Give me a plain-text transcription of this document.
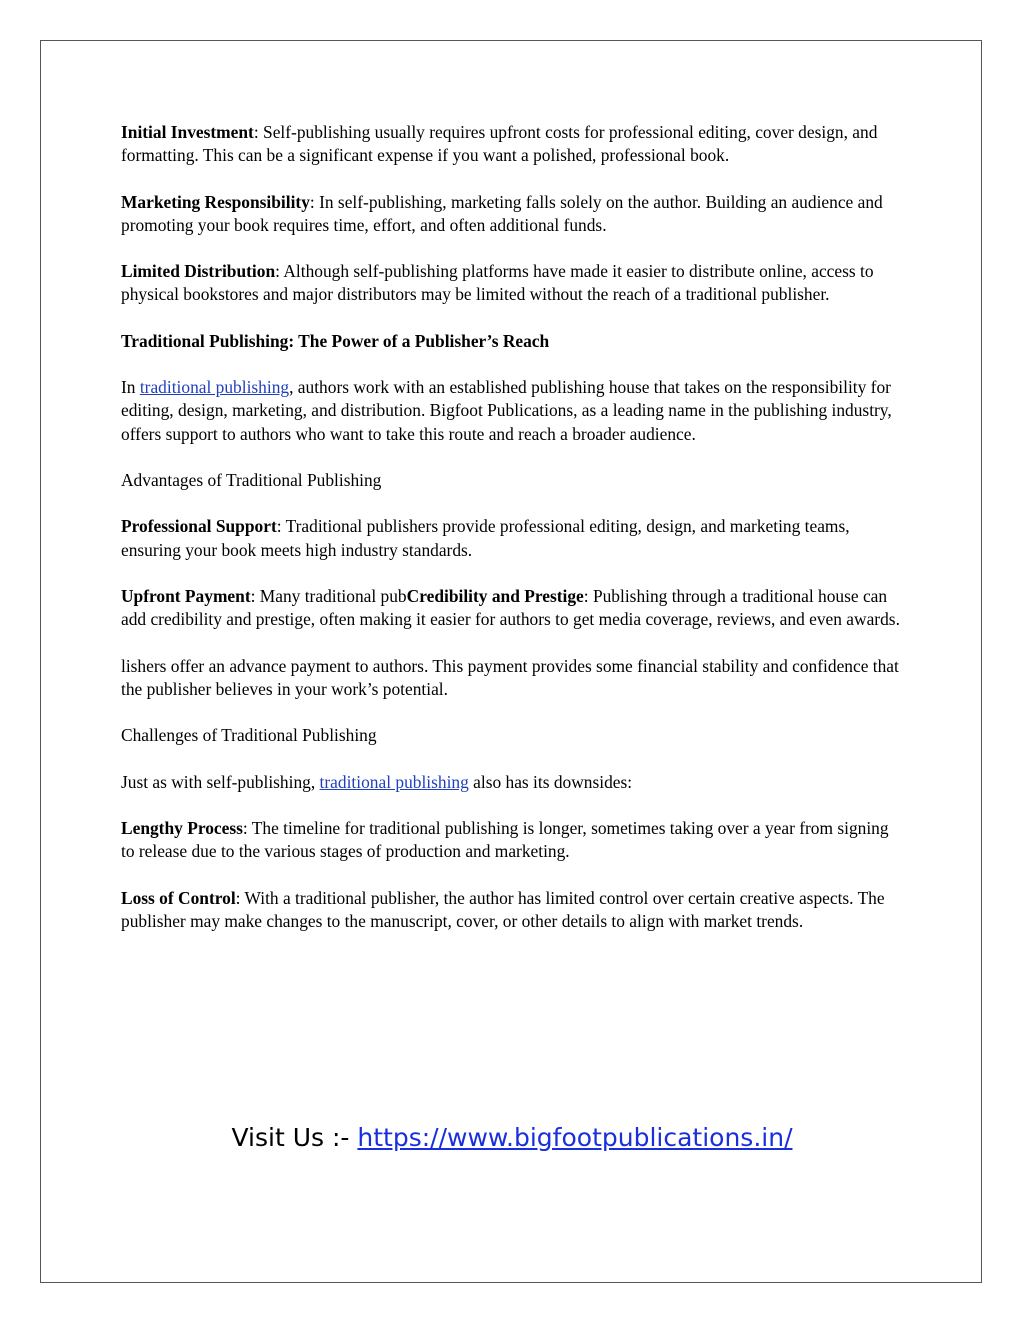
Initial Investment: Self-publishing usually requires upfront costs for professional editing, cover design, and formatting. This can be a significant expense if you want a polished, professional book.

Marketing Responsibility: In self-publishing, marketing falls solely on the author. Building an audience and promoting your book requires time, effort, and often additional funds.

Limited Distribution: Although self-publishing platforms have made it easier to distribute online, access to physical bookstores and major distributors may be limited without the reach of a traditional publisher.

Traditional Publishing: The Power of a Publisher’s Reach

In traditional publishing, authors work with an established publishing house that takes on the responsibility for editing, design, marketing, and distribution. Bigfoot Publications, as a leading name in the publishing industry, offers support to authors who want to take this route and reach a broader audience.

Advantages of Traditional Publishing

Professional Support: Traditional publishers provide professional editing, design, and marketing teams, ensuring your book meets high industry standards.

Upfront Payment: Many traditional pubCredibility and Prestige: Publishing through a traditional house can add credibility and prestige, often making it easier for authors to get media coverage, reviews, and even awards.

lishers offer an advance payment to authors. This payment provides some financial stability and confidence that the publisher believes in your work’s potential.

Challenges of Traditional Publishing

Just as with self-publishing, traditional publishing also has its downsides:

Lengthy Process: The timeline for traditional publishing is longer, sometimes taking over a year from signing to release due to the various stages of production and marketing.

Loss of Control: With a traditional publisher, the author has limited control over certain creative aspects. The publisher may make changes to the manuscript, cover, or other details to align with market trends.

Visit Us :- https://www.bigfootpublications.in/
